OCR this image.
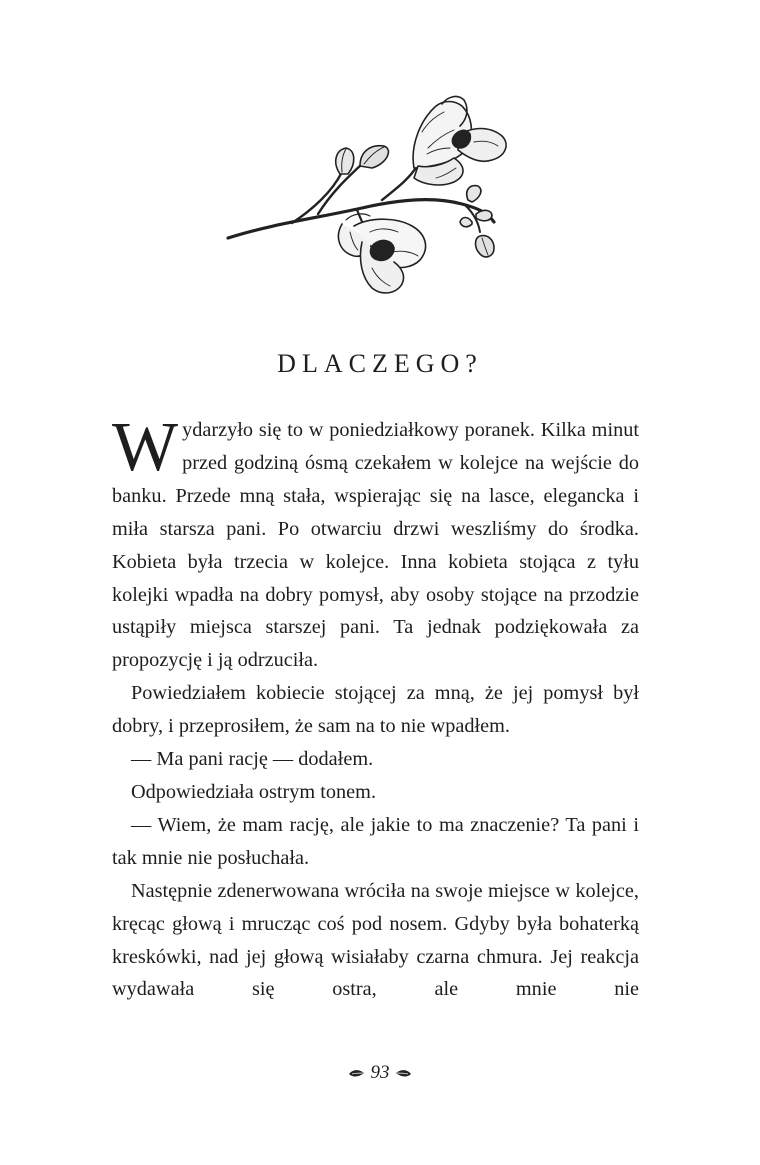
DLACZEGO?

Wydarzyło się to w poniedziałkowy poranek. Kilka minut przed godziną ósmą czekałem w kolejce na wejście do banku. Przede mną stała, wspierając się na lasce, elegancka i miła starsza pani. Po otwarciu drzwi weszliśmy do środka. Kobieta była trzecia w kolejce. Inna kobieta stojąca z tyłu kolejki wpadła na dobry pomysł, aby osoby stojące na przodzie ustąpiły miejsca starszej pani. Ta jednak podziękowała za propozycję i ją odrzuciła.

Powiedziałem kobiecie stojącej za mną, że jej pomysł był dobry, i przeprosiłem, że sam na to nie wpadłem.

— Ma pani rację — dodałem.

Odpowiedziała ostrym tonem.

— Wiem, że mam rację, ale jakie to ma znaczenie? Ta pani i tak mnie nie posłuchała.

Następnie zdenerwowana wróciła na swoje miejsce w kolejce, kręcąc głową i mrucząc coś pod nosem. Gdyby była bohaterką kreskówki, nad jej głową wisiałaby czarna chmura. Jej reakcja wydawała się ostra, ale mnie nie

93
